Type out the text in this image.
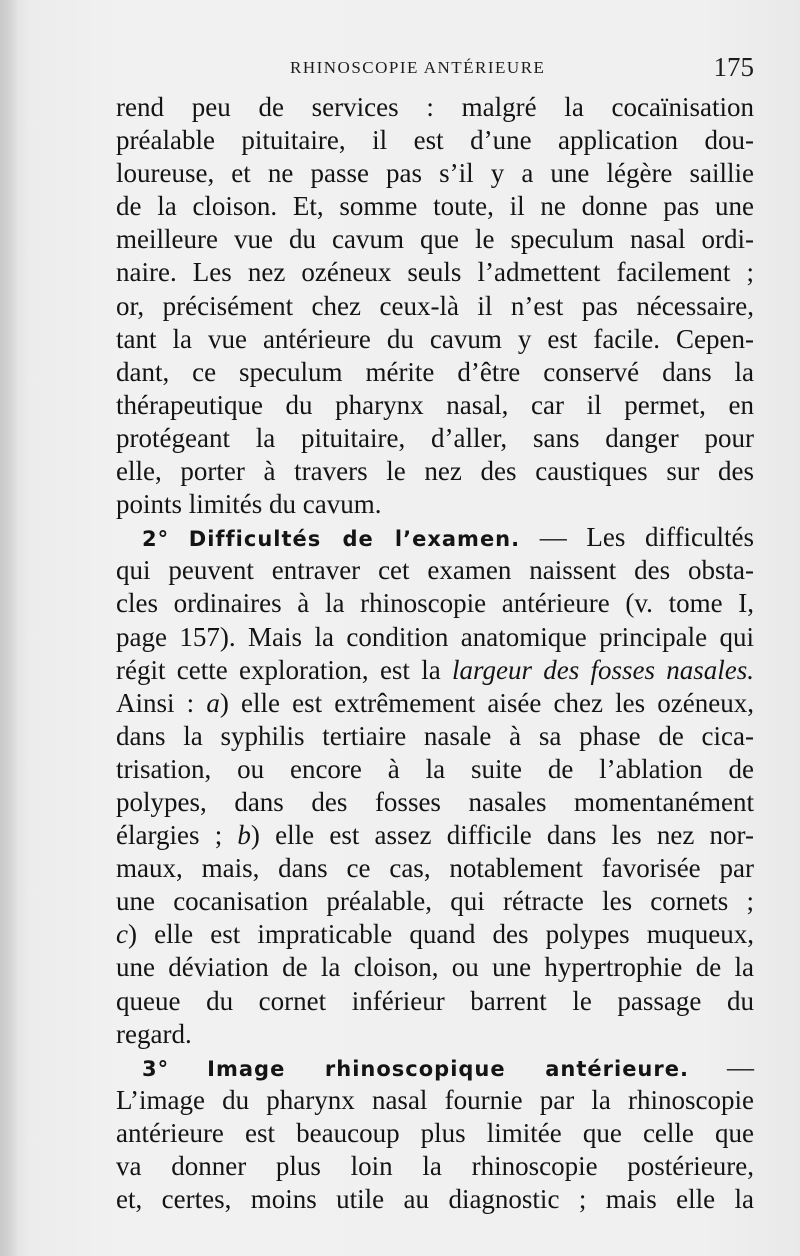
RHINOSCOPIE ANTÉRIEURE	175
rend peu de services : malgré la cocaïnisation
préalable pituitaire, il est d’une application dou-
loureuse, et ne passe pas s’il y a une légère saillie
de la cloison. Et, somme toute, il ne donne pas une
meilleure vue du cavum que le speculum nasal ordi-
naire. Les nez ozéneux seuls l’admettent facilement ;
or, précisément chez ceux-là il n’est pas nécessaire,
tant la vue antérieure du cavum y est facile. Cepen-
dant, ce speculum mérite d’être conservé dans la
thérapeutique du pharynx nasal, car il permet, en
protégeant la pituitaire, d’aller, sans danger pour
elle, porter à travers le nez des caustiques sur des
points limités du cavum.
2° Difficultés de l’examen. — Les difficultés
qui peuvent entraver cet examen naissent des obsta-
cles ordinaires à la rhinoscopie antérieure (v. tome I,
page 157). Mais la condition anatomique principale qui
régit cette exploration, est la largeur des fosses nasales.
Ainsi : a) elle est extrêmement aisée chez les ozéneux,
dans la syphilis tertiaire nasale à sa phase de cica-
trisation, ou encore à la suite de l’ablation de
polypes, dans des fosses nasales momentanément
élargies ; b) elle est assez difficile dans les nez nor-
maux, mais, dans ce cas, notablement favorisée par
une cocanisation préalable, qui rétracte les cornets ;
c) elle est impraticable quand des polypes muqueux,
une déviation de la cloison, ou une hypertrophie de la
queue du cornet inférieur barrent le passage du
regard.
3° Image rhinoscopique antérieure. —
L’image du pharynx nasal fournie par la rhinoscopie
antérieure est beaucoup plus limitée que celle que
va donner plus loin la rhinoscopie postérieure,
et, certes, moins utile au diagnostic ; mais elle la
